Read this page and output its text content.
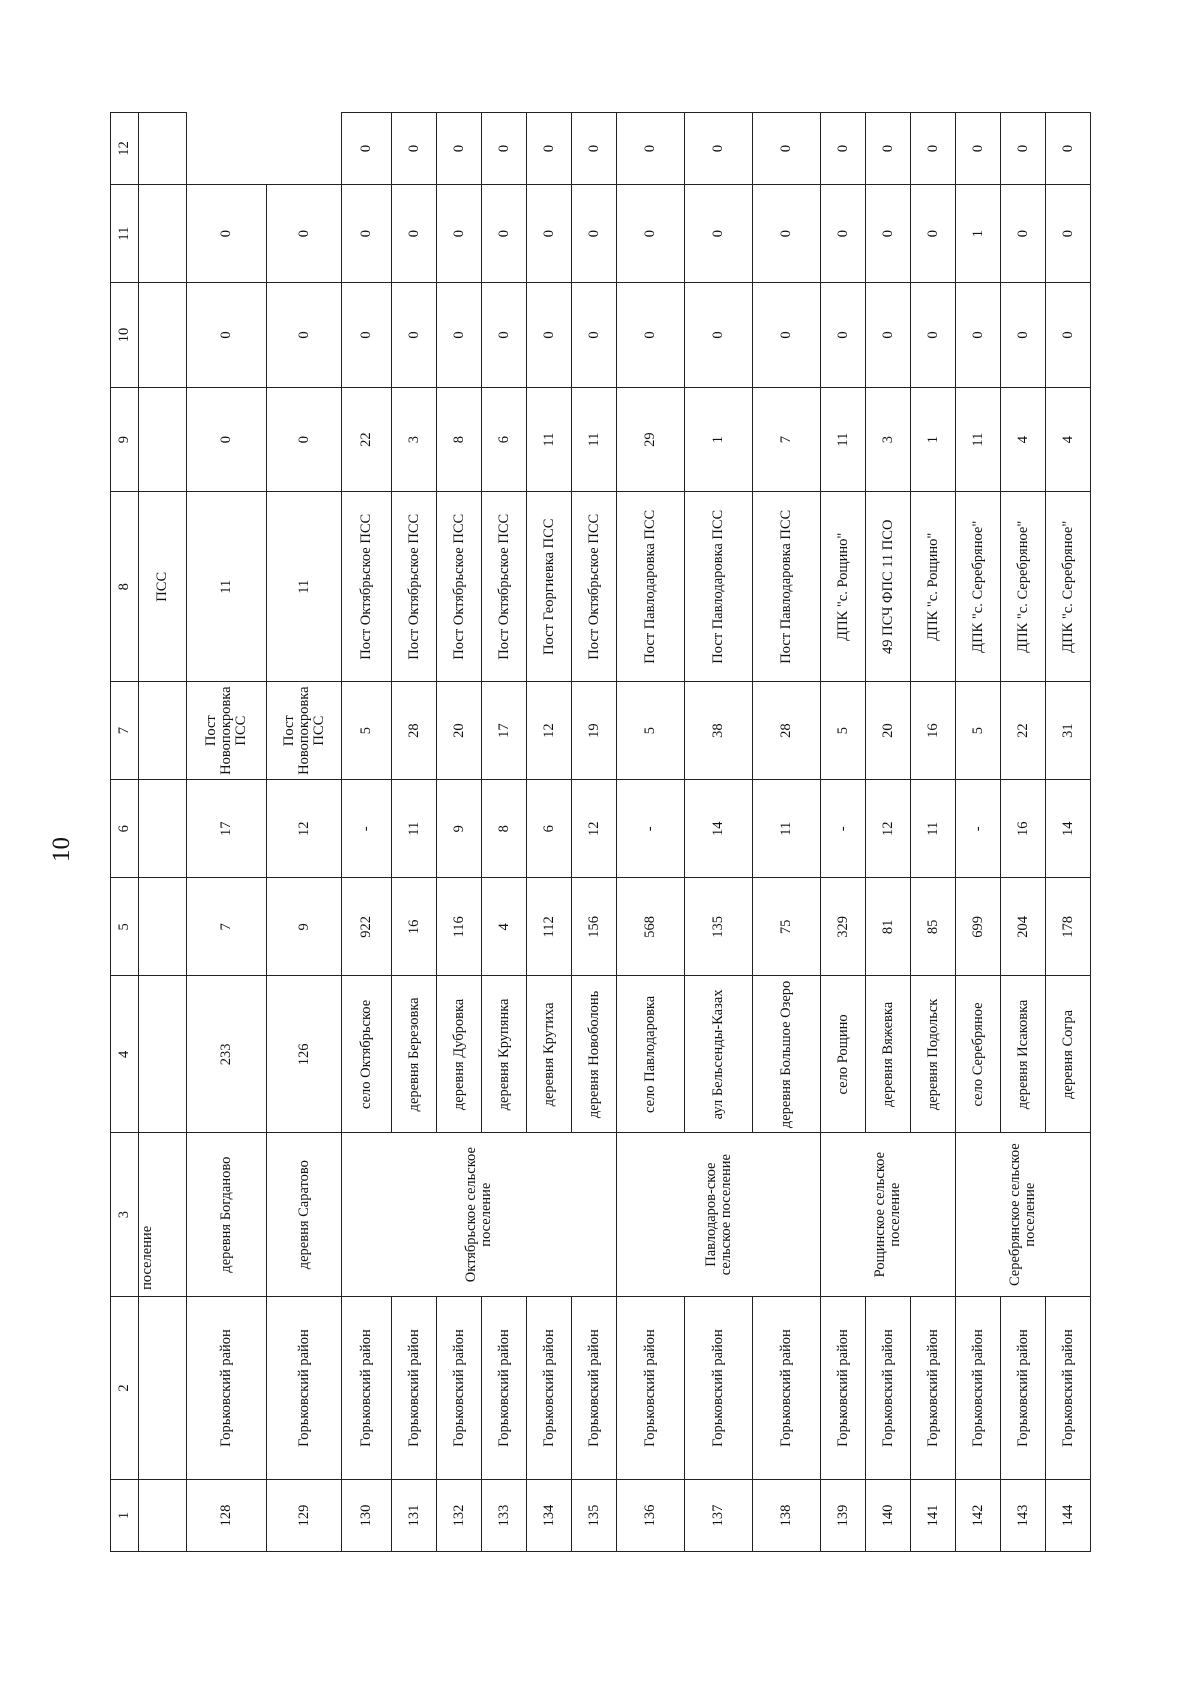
10
1	2	3	4	5	6	7	8	9	10	11	12
		поселение					ПСС				
128	Горьковский район	деревня Богданово	233	7	17	Пост Новопокровка ПСС	11	0	0	0	
129	Горьковский район	деревня Саратово	126	9	12	Пост Новопокровка ПСС	11	0	0	0	
130	Горьковский район	Октябрьское сельское поселение	село Октябрьское	922	-	5	Пост Октябрьское ПСС	22	0	0	0
131	Горьковский район		деревня Березовка	16	11	28	Пост Октябрьское ПСС	3	0	0	0
132	Горьковский район		деревня Дубровка	116	9	20	Пост Октябрьское ПСС	8	0	0	0
133	Горьковский район		деревня Крупянка	4	8	17	Пост Октябрьское ПСС	6	0	0	0
134	Горьковский район		деревня Крутиха	112	6	12	Пост Георгиевка ПСС	11	0	0	0
135	Горьковский район		деревня Новоболонь	156	12	19	Пост Октябрьское ПСС	11	0	0	0
136	Горьковский район	Павлодаров-ское сельское поселение	село Павлодаровка	568	-	5	Пост Павлодаровка ПСС	29	0	0	0
137	Горьковский район		аул Бельсенды-Казах	135	14	38	Пост Павлодаровка ПСС	1	0	0	0
138	Горьковский район		деревня Большое Озеро	75	11	28	Пост Павлодаровка ПСС	7	0	0	0
139	Горьковский район	Рощинское сельское поселение	село Рощино	329	-	5	ДПК "с. Рощино"	11	0	0	0
140	Горьковский район		деревня Вяжевка	81	12	20	49 ПСЧ ФПС 11 ПСО	3	0	0	0
141	Горьковский район		деревня Подольск	85	11	16	ДПК "с. Рощино"	1	0	0	0
142	Горьковский район	Серебрянское сельское поселение	село Серебряное	699	-	5	ДПК "с. Серебряное"	11	0	1	0
143	Горьковский район		деревня Исаковка	204	16	22	ДПК "с. Серебряное"	4	0	0	0
144	Горьковский район		деревня Согра	178	14	31	ДПК "с. Серебряное"	4	0	0	0
